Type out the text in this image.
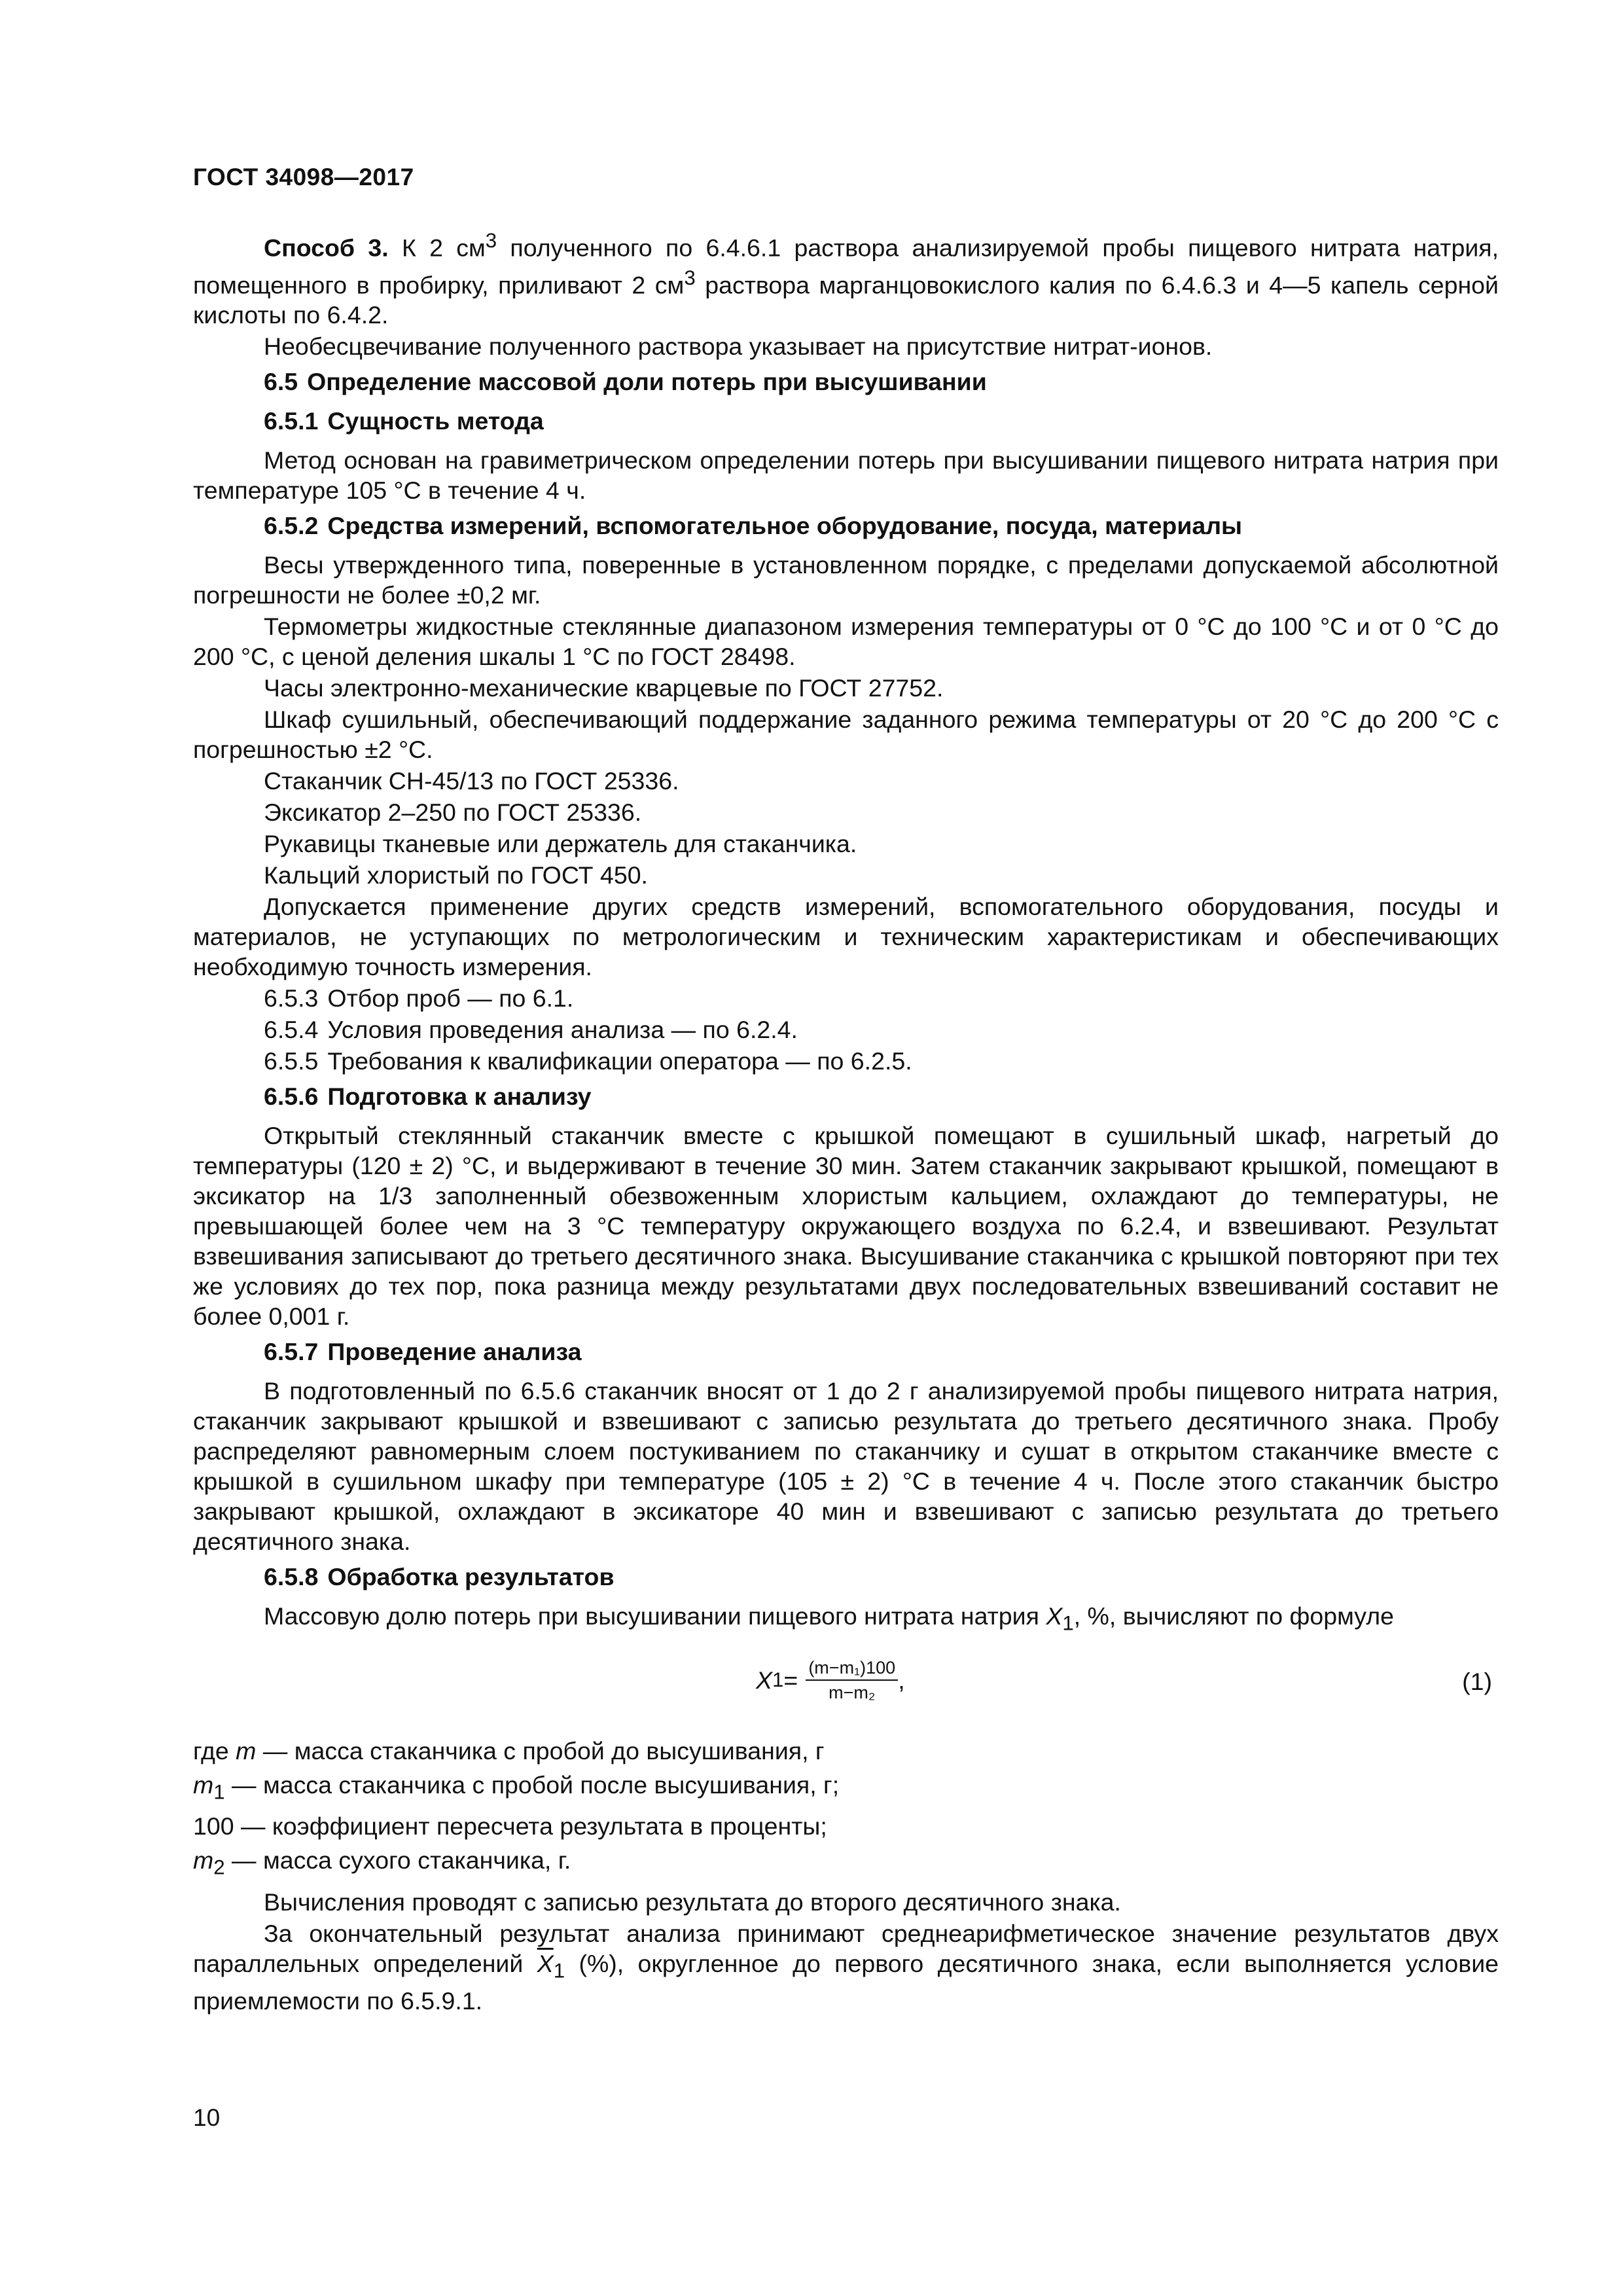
ГОСТ 34098—2017

Способ 3. К 2 $см^3$ полученного по 6.4.6.1 раствора анализируемой пробы пищевого нитрата натрия, помещенного в пробирку, приливают 2 $см^3$ раствора марганцовокислого калия по 6.4.6.3 и 4—5 капель серной кислоты по 6.4.2.

Необесцвечивание полученного раствора указывает на присутствие нитрат-ионов.

6.5 Определение массовой доли потерь при высушивании
6.5.1 Сущность метода

Метод основан на гравиметрическом определении потерь при высушивании пищевого нитрата натрия при температуре 105 °С в течение 4 ч.

6.5.2 Средства измерений, вспомогательное оборудование, посуда, материалы

Весы утвержденного типа, поверенные в установленном порядке, с пределами допускаемой абсолютной погрешности не более ±0,2 мг.

Термометры жидкостные стеклянные диапазоном измерения температуры от 0 °С до 100 °С и от 0 °С до 200 °С, с ценой деления шкалы 1 °С по ГОСТ 28498.

Часы электронно-механические кварцевые по ГОСТ 27752.

Шкаф сушильный, обеспечивающий поддержание заданного режима температуры от 20 °С до 200 °С с погрешностью ±2 °С.

Стаканчик СН-45/13 по ГОСТ 25336.

Эксикатор 2–250 по ГОСТ 25336.

Рукавицы тканевые или держатель для стаканчика.

Кальций хлористый по ГОСТ 450.

Допускается применение других средств измерений, вспомогательного оборудования, посуды и материалов, не уступающих по метрологическим и техническим характеристикам и обеспечивающих необходимую точность измерения.

6.5.3 Отбор проб — по 6.1.

6.5.4 Условия проведения анализа — по 6.2.4.

6.5.5 Требования к квалификации оператора — по 6.2.5.

6.5.6 Подготовка к анализу

Открытый стеклянный стаканчик вместе с крышкой помещают в сушильный шкаф, нагретый до температуры (120 ± 2) °С, и выдерживают в течение 30 мин. Затем стаканчик закрывают крышкой, помещают в эксикатор на 1/3 заполненный обезвоженным хлористым кальцием, охлаждают до температуры, не превышающей более чем на 3 °С температуру окружающего воздуха по 6.2.4, и взвешивают. Результат взвешивания записывают до третьего десятичного знака. Высушивание стаканчика с крышкой повторяют при тех же условиях до тех пор, пока разница между результатами двух последовательных взвешиваний составит не более 0,001 г.

6.5.7 Проведение анализа

В подготовленный по 6.5.6 стаканчик вносят от 1 до 2 г анализируемой пробы пищевого нитрата натрия, стаканчик закрывают крышкой и взвешивают с записью результата до третьего десятичного знака. Пробу распределяют равномерным слоем постукиванием по стаканчику и сушат в открытом стаканчике вместе с крышкой в сушильном шкафу при температуре (105 ± 2) °С в течение 4 ч. После этого стаканчик быстро закрывают крышкой, охлаждают в эксикаторе 40 мин и взвешивают с записью результата до третьего десятичного знака.

6.5.8 Обработка результатов

Массовую долю потерь при высушивании пищевого нитрата натрия $X_1$, %, вычисляют по формуле

X $1 = \frac{\text{(m−m₁)100}}{\text{m−m₂}}$ ,	(1)

где m — масса стаканчика с пробой до высушивания, г

$m_1$ — масса стаканчика с пробой после высушивания, г;

100 — коэффициент пересчета результата в проценты;

$m_2$ — масса сухого стаканчика, г.

Вычисления проводят с записью результата до второго десятичного знака.

За окончательный результат анализа принимают среднеарифметическое значение результатов двух параллельных определений $\overline{X}_1$ (%), округленное до первого десятичного знака, если выполняется условие приемлемости по 6.5.9.1.

10
